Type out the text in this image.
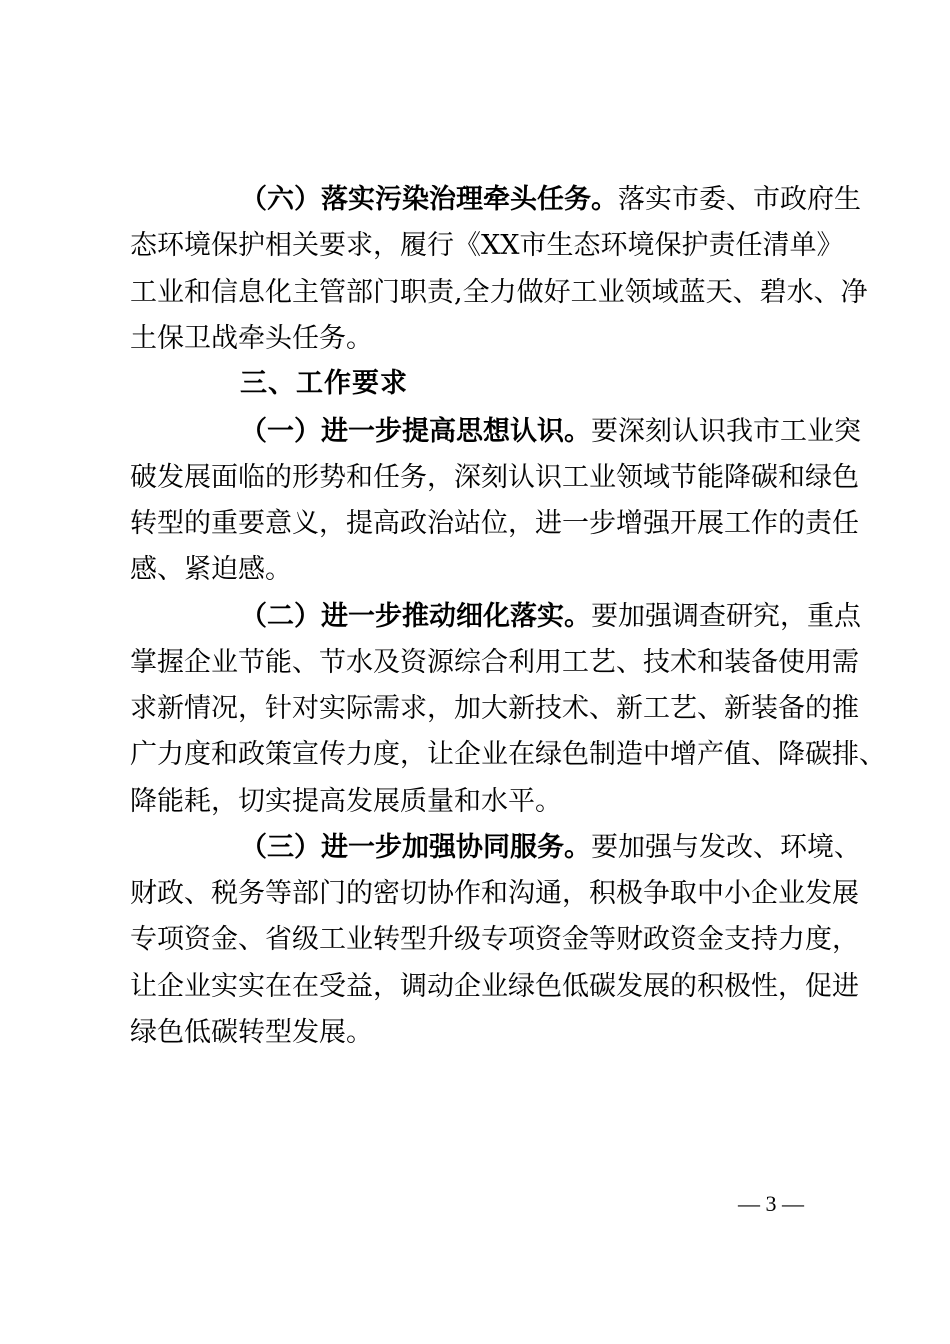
（六）落实污染治理牵头任务。落实市委、市政府生
态环境保护相关要求，履行《XX市生态环境保护责任清单》
工业和信息化主管部门职责,全力做好工业领域蓝天、碧水、净
土保卫战牵头任务。
三、工作要求
（一）进一步提高思想认识。要深刻认识我市工业突
破发展面临的形势和任务，深刻认识工业领域节能降碳和绿色
转型的重要意义，提高政治站位，进一步增强开展工作的责任
感、紧迫感。
（二）进一步推动细化落实。要加强调查研究，重点
掌握企业节能、节水及资源综合利用工艺、技术和装备使用需
求新情况，针对实际需求，加大新技术、新工艺、新装备的推
广力度和政策宣传力度，让企业在绿色制造中增产值、降碳排、
降能耗，切实提高发展质量和水平。
（三）进一步加强协同服务。要加强与发改、环境、
财政、税务等部门的密切协作和沟通，积极争取中小企业发展
专项资金、省级工业转型升级专项资金等财政资金支持力度，
让企业实实在在受益，调动企业绿色低碳发展的积极性，促进
绿色低碳转型发展。
— 3 —
